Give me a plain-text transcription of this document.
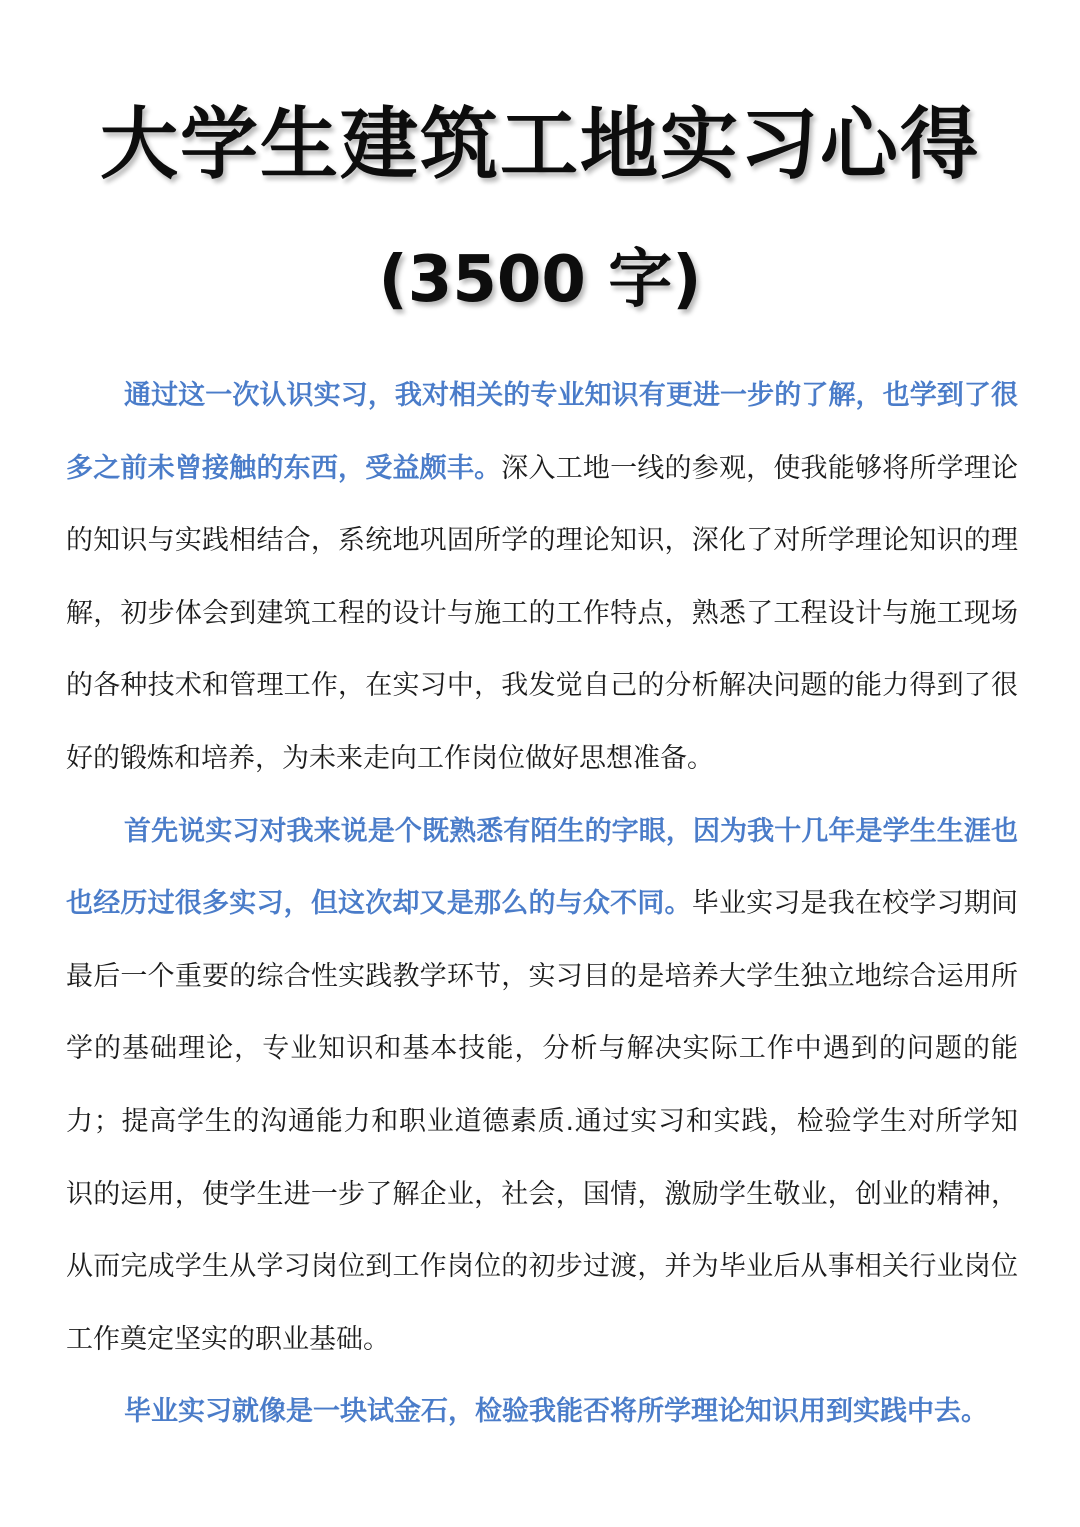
大学生建筑工地实习心得
(3500 字)

通过这一次认识实习，我对相关的专业知识有更进一步的了解，也学到了很多之前未曾接触的东西，受益颇丰。深入工地一线的参观，使我能够将所学理论的知识与实践相结合，系统地巩固所学的理论知识，深化了对所学理论知识的理解，初步体会到建筑工程的设计与施工的工作特点，熟悉了工程设计与施工现场的各种技术和管理工作，在实习中，我发觉自己的分析解决问题的能力得到了很好的锻炼和培养，为未来走向工作岗位做好思想准备。

首先说实习对我来说是个既熟悉有陌生的字眼，因为我十几年是学生生涯也也经历过很多实习，但这次却又是那么的与众不同。毕业实习是我在校学习期间最后一个重要的综合性实践教学环节，实习目的是培养大学生独立地综合运用所学的基础理论，专业知识和基本技能，分析与解决实际工作中遇到的问题的能力；提高学生的沟通能力和职业道德素质.通过实习和实践，检验学生对所学知识的运用，使学生进一步了解企业，社会，国情，激励学生敬业，创业的精神，从而完成学生从学习岗位到工作岗位的初步过渡，并为毕业后从事相关行业岗位工作奠定坚实的职业基础。

毕业实习就像是一块试金石，检验我能否将所学理论知识用到实践中去。
